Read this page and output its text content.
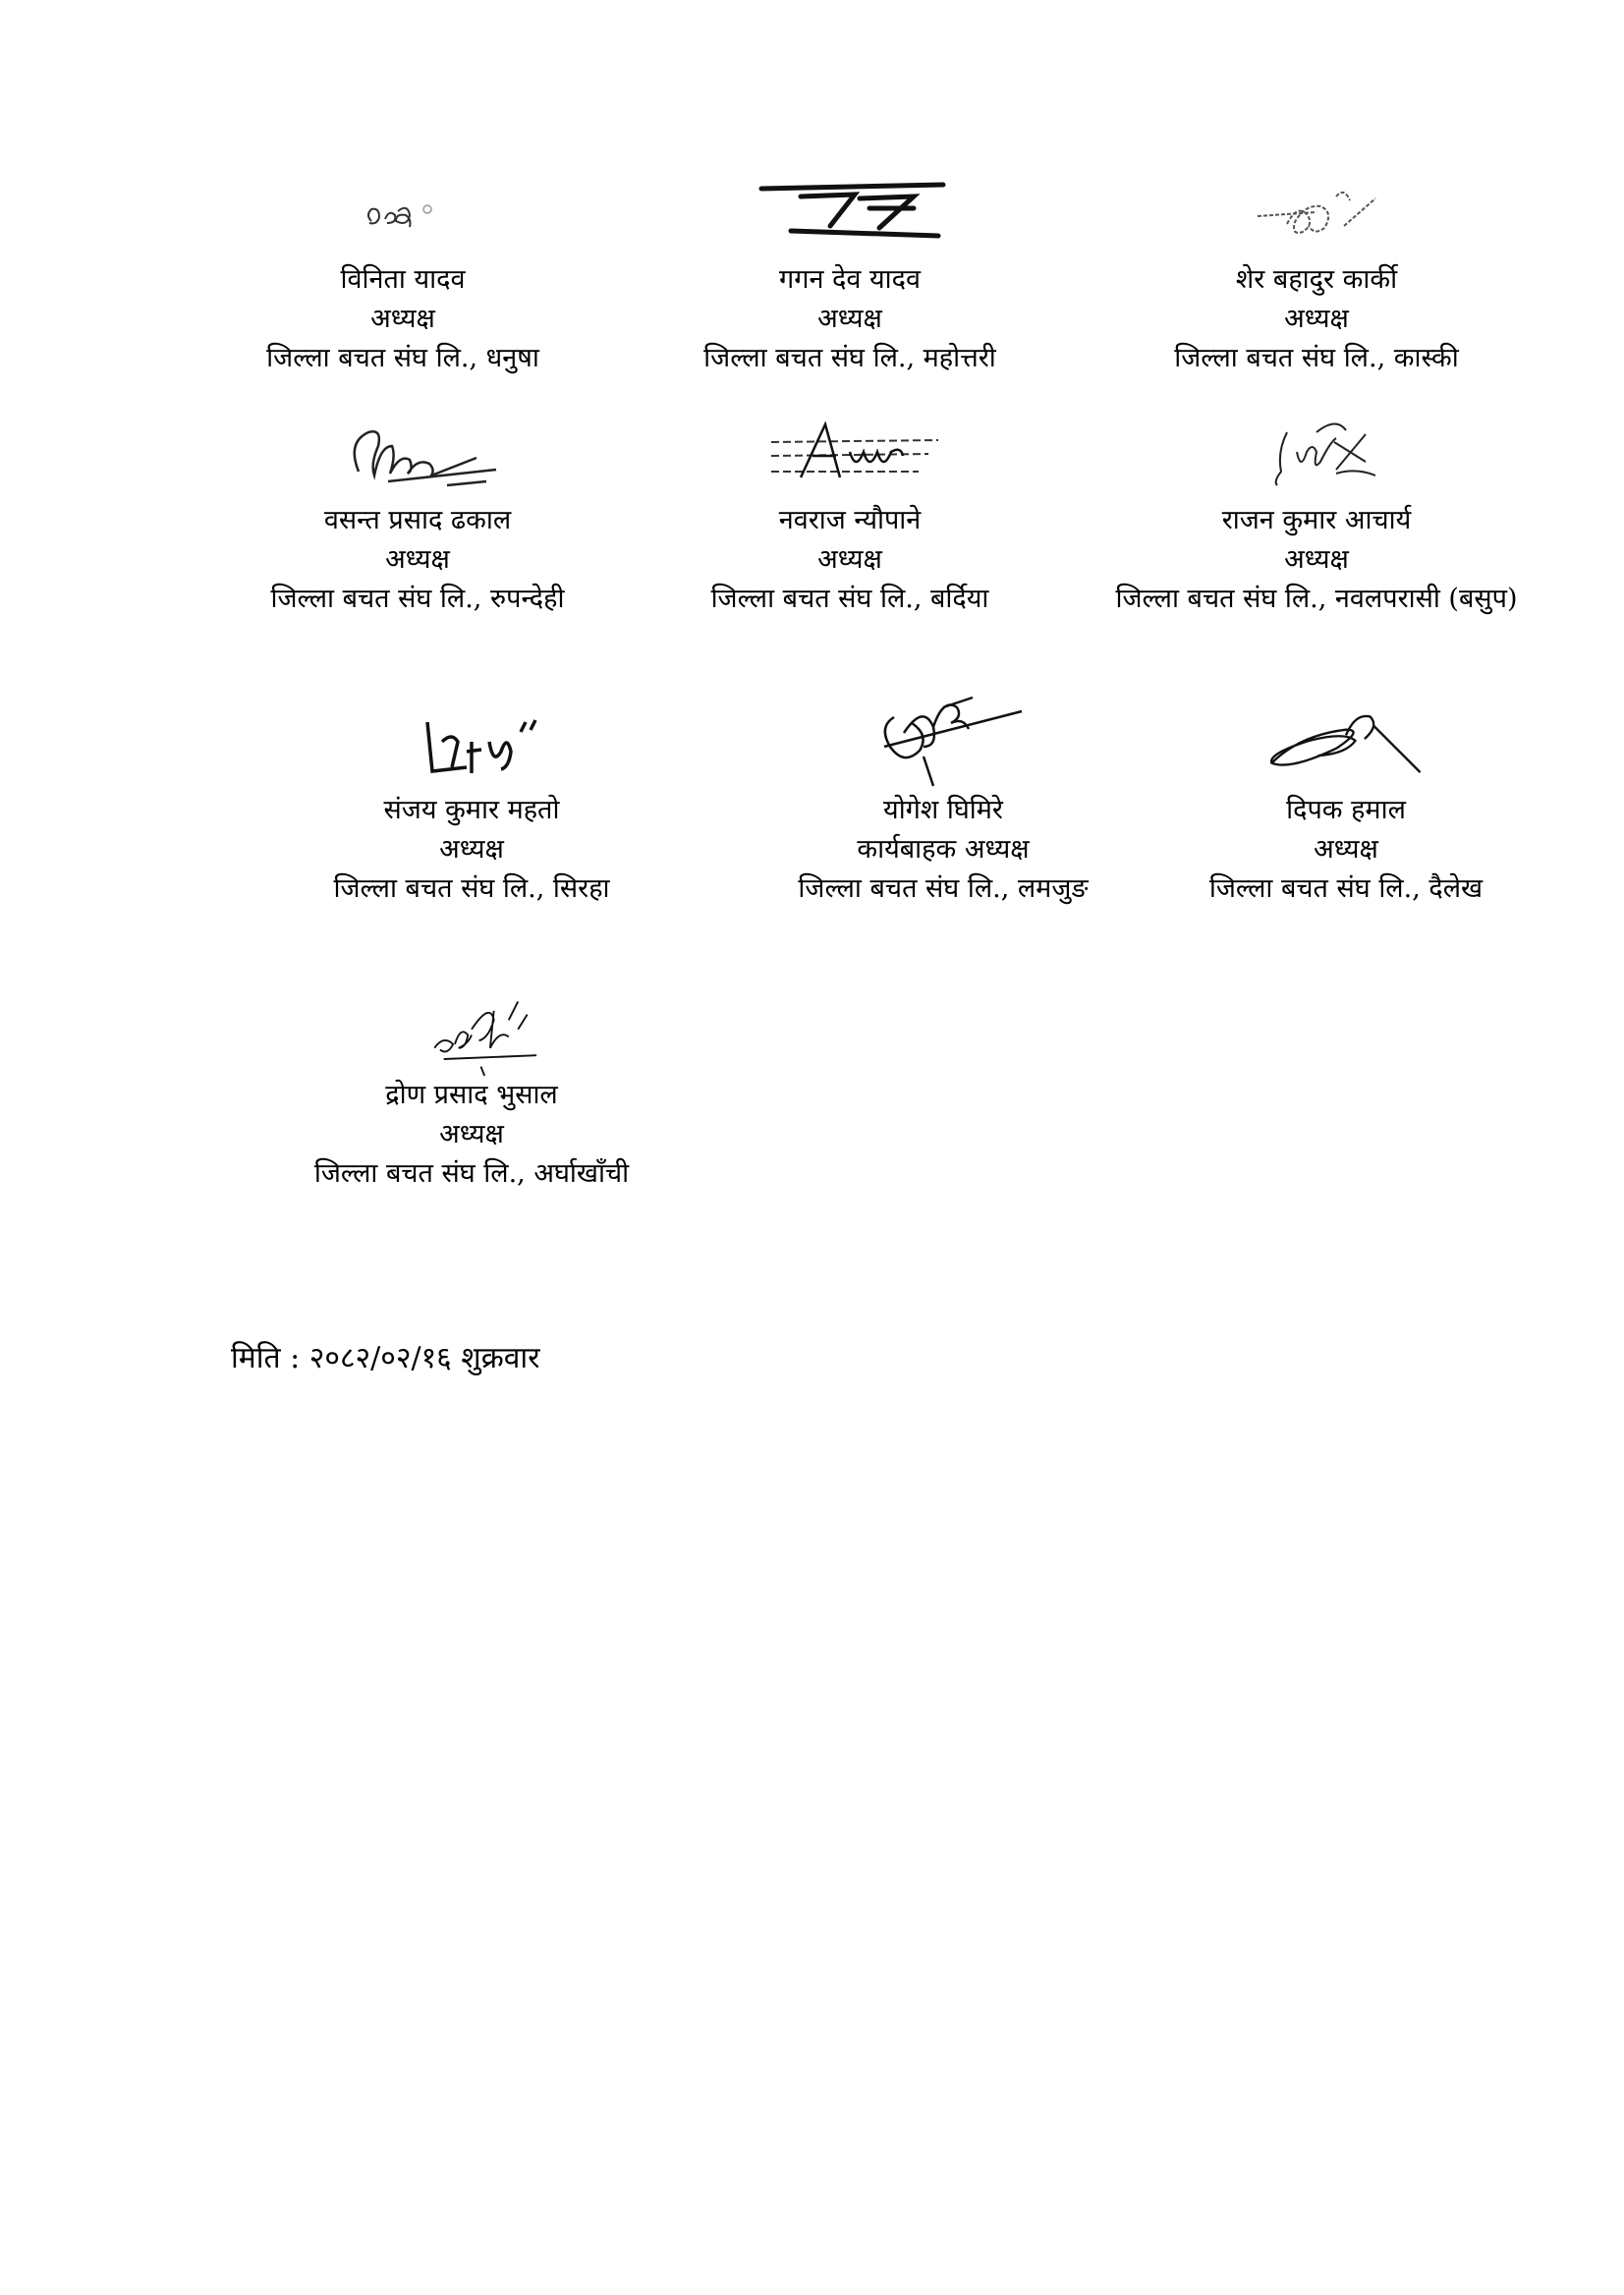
विनिता यादव
अध्यक्ष
जिल्ला बचत संघ लि., धनुषा
गगन देव यादव
अध्यक्ष
जिल्ला बचत संघ लि., महोत्तरी
शेर बहादुर कार्की
अध्यक्ष
जिल्ला बचत संघ लि., कास्की
वसन्त प्रसाद ढकाल
अध्यक्ष
जिल्ला बचत संघ लि., रुपन्देही
नवराज न्यौपाने
अध्यक्ष
जिल्ला बचत संघ लि., बर्दिया
राजन कुमार आचार्य
अध्यक्ष
जिल्ला बचत संघ लि., नवलपरासी (बसुप)
संजय कुमार महतो
अध्यक्ष
जिल्ला बचत संघ लि., सिरहा
योगेश घिमिरे
कार्यबाहक अध्यक्ष
जिल्ला बचत संघ लि., लमजुङ
दिपक हमाल
अध्यक्ष
जिल्ला बचत संघ लि., दैलेख
द्रोण प्रसाद भुसाल
अध्यक्ष
जिल्ला बचत संघ लि., अर्घाखाँची
मिति : २०८२/०२/१६ शुक्रवार
